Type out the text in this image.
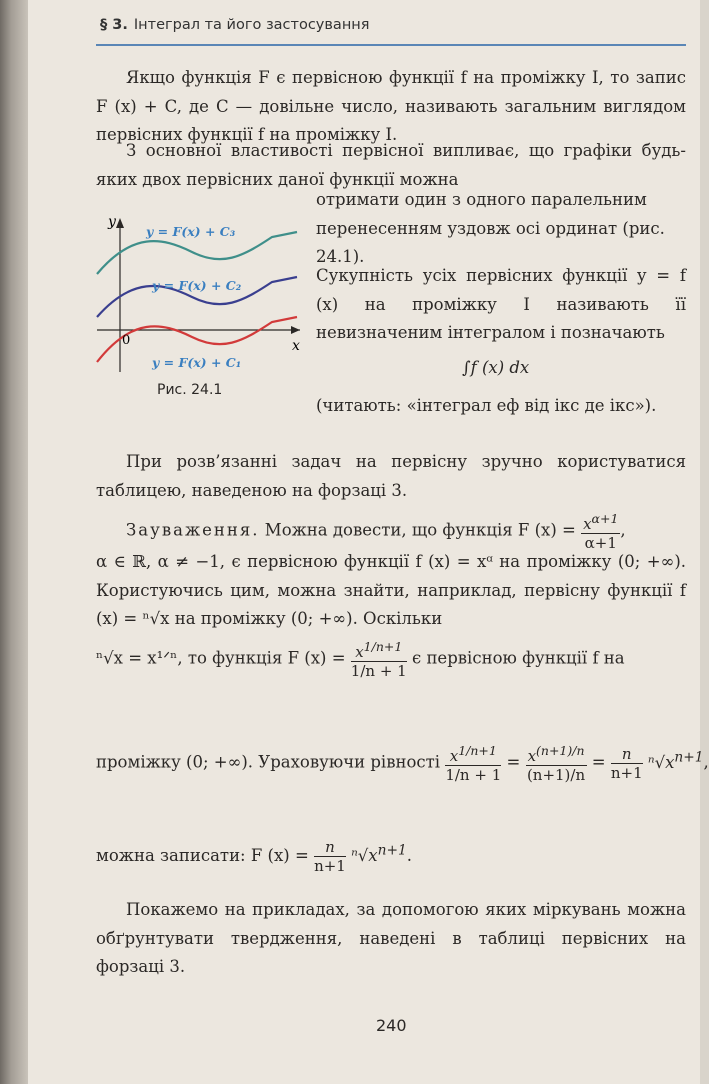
§ 3. Інтеграл та його застосування
Якщо функція F є первісною функції f на проміжку I, то запис F (x) + C, де C — довільне число, називають загальним виглядом первісних функції f на проміжку I.
З основної властивості первісної випливає, що графіки будь-яких двох первісних даної функції можна
отримати один з одного паралельним перенесенням уздовж осі ординат (рис. 24.1).
y
x
0
y = F(x) + C₃
y = F(x) + C₂
y = F(x) + C₁
Рис. 24.1
Сукупність усіх первісних функції y = f (x) на проміжку I називають її невизначеним інтегралом і позначають
∫f (x) dx
(читають: «інтеграл еф від ікс де ікс»).
При розв’язанні задач на первісну зручно користуватися таблицею, наведеною на форзаці 3.
Зауваження. Можна довести, що функція F $(x) = \frac{x^{\alpha+1}}{\alpha+1}$ ,
α ∈ ℝ, α ≠ −1, є первісною функції f (x) = xᵅ на проміжку (0; +∞). Користуючись цим, можна знайти, наприклад, первісну функції f (x) = ⁿ√x на проміжку (0; +∞). Оскільки
ⁿ√x = x¹ᐟⁿ, то функція F $(x) = \frac{x^{1/n+1}}{1/n + 1}$ є первісною функції f на
проміжку (0; +∞). Ураховуючи рівності $\frac{x^{1/n+1}}{1/n + 1} = \frac{x^{(n+1)/n}}{(n+1)/n} = \frac{n}{n+1} ^n√x^{n+1}$,
можна записати: F $(x) = \frac{n}{n+1} ^n√x^{n+1}$.
Покажемо на прикладах, за допомогою яких міркувань можна обґрунтувати твердження, наведені в таблиці первісних на форзаці 3.
240
